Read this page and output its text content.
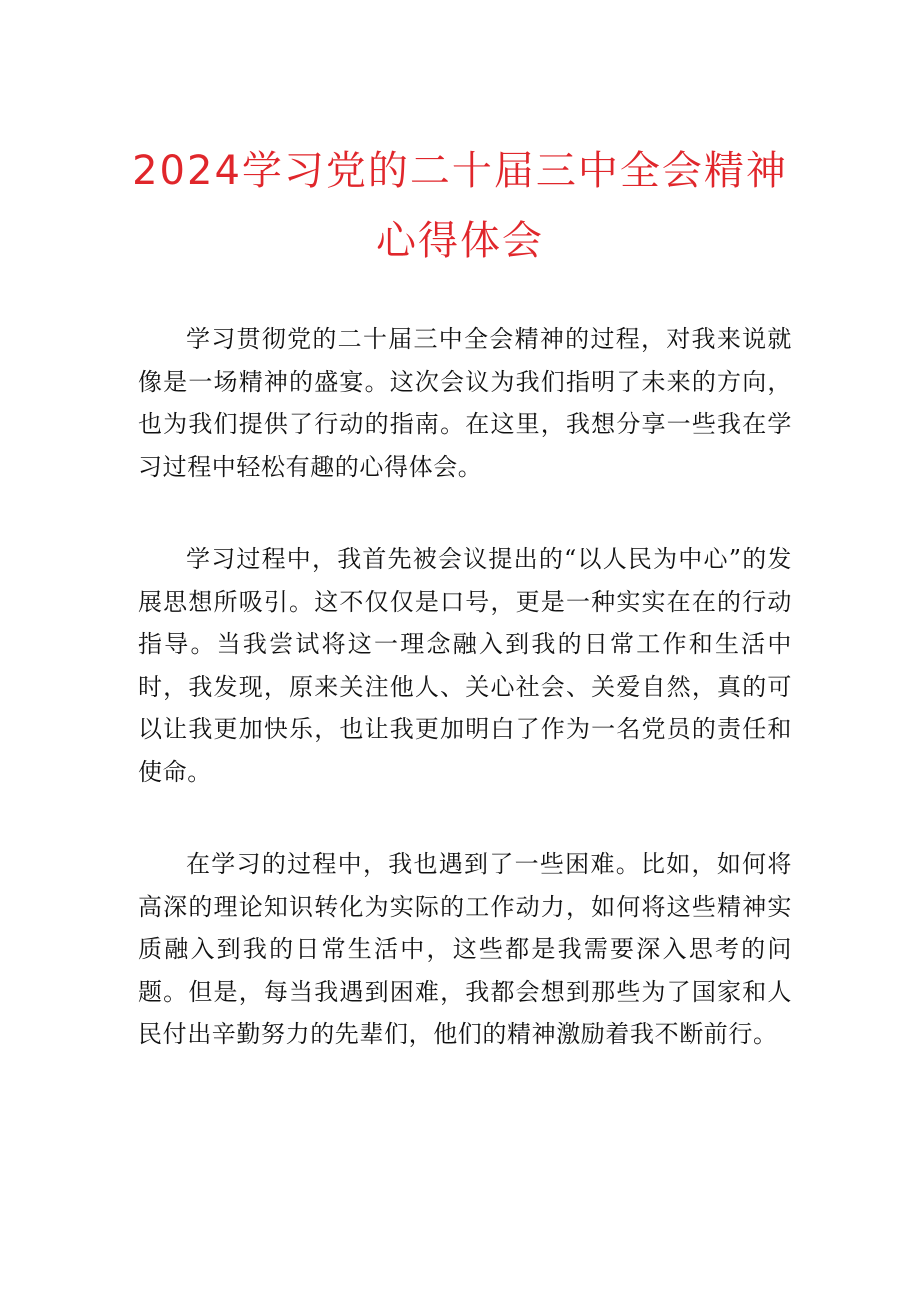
2024学习党的二十届三中全会精神
心得体会

学习贯彻党的二十届三中全会精神的过程，对我来说就像是一场精神的盛宴。这次会议为我们指明了未来的方向，也为我们提供了行动的指南。在这里，我想分享一些我在学习过程中轻松有趣的心得体会。

学习过程中，我首先被会议提出的“以人民为中心”的发展思想所吸引。这不仅仅是口号，更是一种实实在在的行动指导。当我尝试将这一理念融入到我的日常工作和生活中时，我发现，原来关注他人、关心社会、关爱自然，真的可以让我更加快乐，也让我更加明白了作为一名党员的责任和使命。

在学习的过程中，我也遇到了一些困难。比如，如何将高深的理论知识转化为实际的工作动力，如何将这些精神实质融入到我的日常生活中，这些都是我需要深入思考的问题。但是，每当我遇到困难，我都会想到那些为了国家和人民付出辛勤努力的先辈们，他们的精神激励着我不断前行。
